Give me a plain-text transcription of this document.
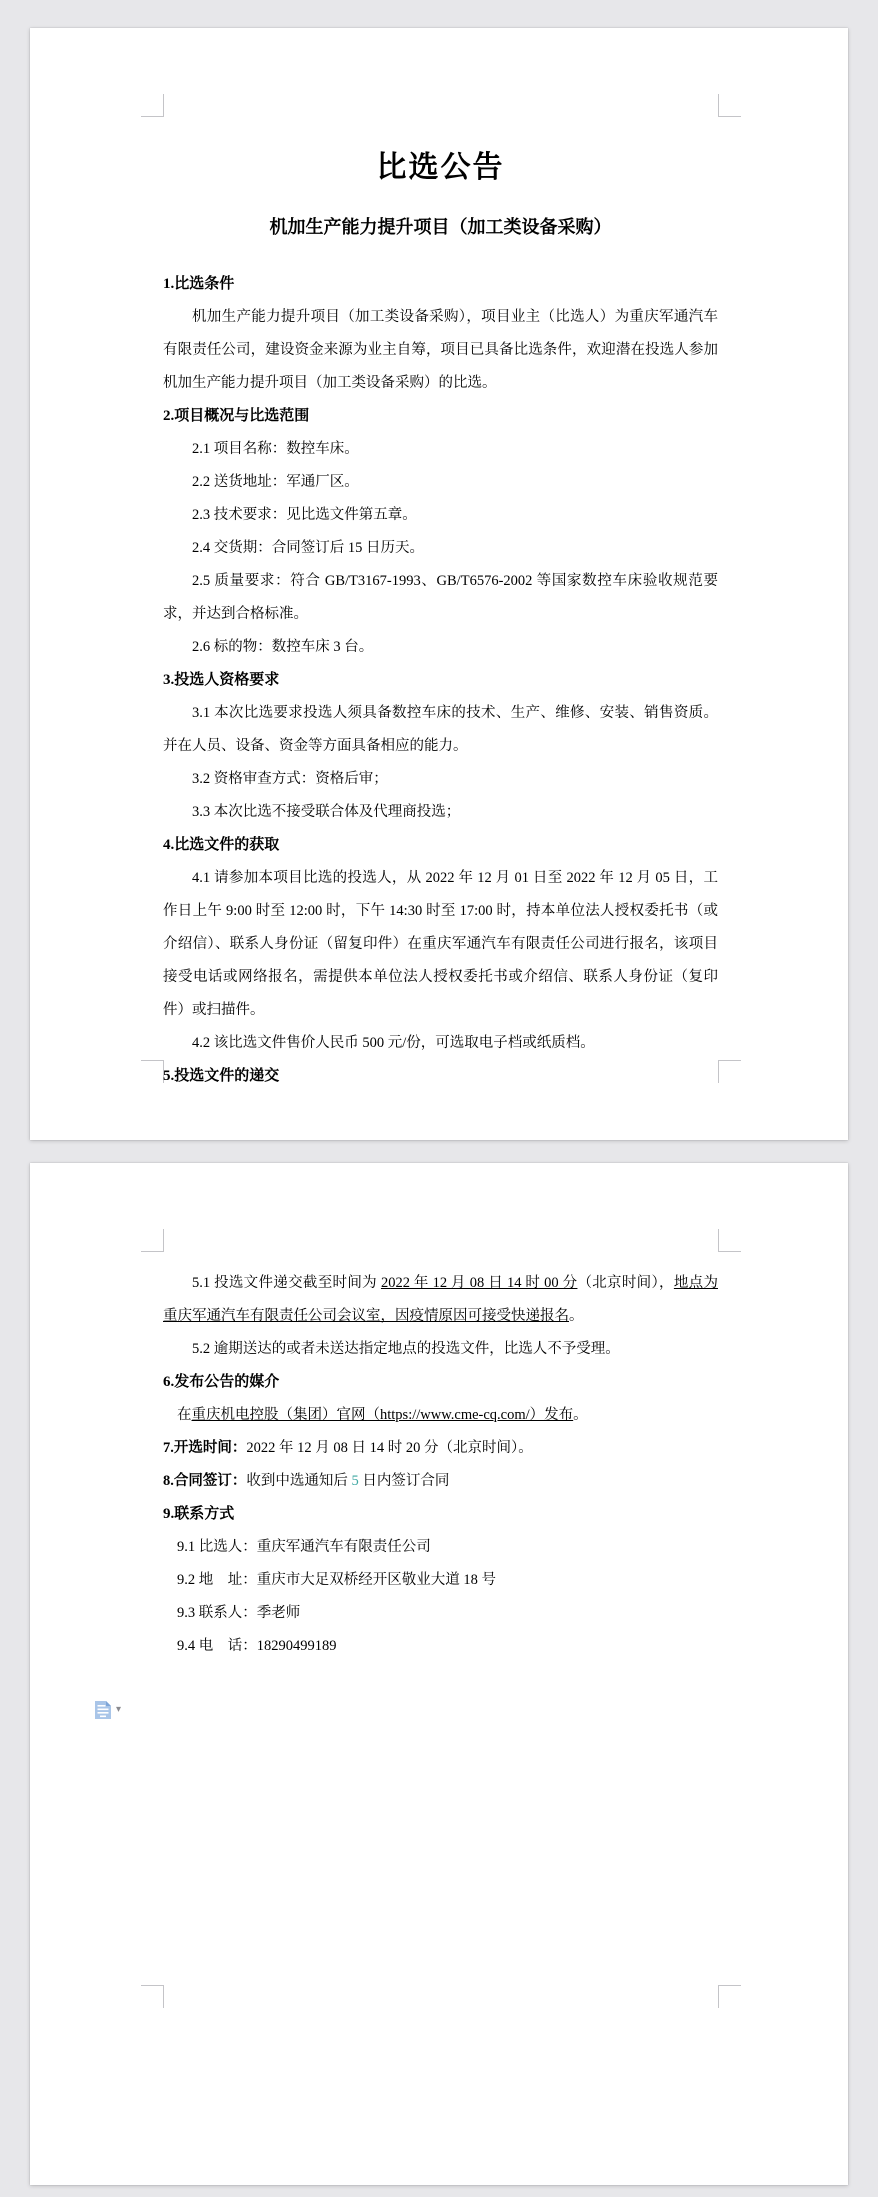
比选公告
机加生产能力提升项目（加工类设备采购）

1.比选条件

机加生产能力提升项目（加工类设备采购），项目业主（比选人）为重庆军通汽车有限责任公司，建设资金来源为业主自筹，项目已具备比选条件，欢迎潜在投选人参加机加生产能力提升项目（加工类设备采购）的比选。

2.项目概况与比选范围

2.1 项目名称：数控车床。

2.2 送货地址：军通厂区。

2.3 技术要求：见比选文件第五章。

2.4 交货期：合同签订后 15 日历天。

2.5 质量要求：符合 GB/T3167-1993、GB/T6576-2002 等国家数控车床验收规范要求，并达到合格标准。

2.6 标的物：数控车床 3 台。

3.投选人资格要求

3.1 本次比选要求投选人须具备数控车床的技术、生产、维修、安装、销售资质。并在人员、设备、资金等方面具备相应的能力。

3.2 资格审查方式：资格后审；

3.3 本次比选不接受联合体及代理商投选；

4.比选文件的获取

4.1 请参加本项目比选的投选人，从 2022 年 12 月 01 日至 2022 年 12 月 05 日，工作日上午 9:00 时至 12:00 时，下午 14:30 时至 17:00 时，持本单位法人授权委托书（或介绍信）、联系人身份证（留复印件）在重庆军通汽车有限责任公司进行报名，该项目接受电话或网络报名，需提供本单位法人授权委托书或介绍信、联系人身份证（复印件）或扫描件。

4.2 该比选文件售价人民币 500 元/份，可选取电子档或纸质档。

5.投选文件的递交

5.1 投选文件递交截至时间为 2022 年 12 月 08 日 14 时 00 分（北京时间），地点为重庆军通汽车有限责任公司会议室，因疫情原因可接受快递报名。

5.2 逾期送达的或者未送达指定地点的投选文件，比选人不予受理。

6.发布公告的媒介

在重庆机电控股（集团）官网（https://www.cme-cq.com/）发布。

7.开选时间：2022 年 12 月 08 日 14 时 20 分（北京时间）。

8.合同签订：收到中选通知后 5 日内签订合同

9.联系方式

9.1 比选人：重庆军通汽车有限责任公司

9.2 地　址：重庆市大足双桥经开区敬业大道 18 号

9.3 联系人：季老师

9.4 电　话：18290499189

▾
